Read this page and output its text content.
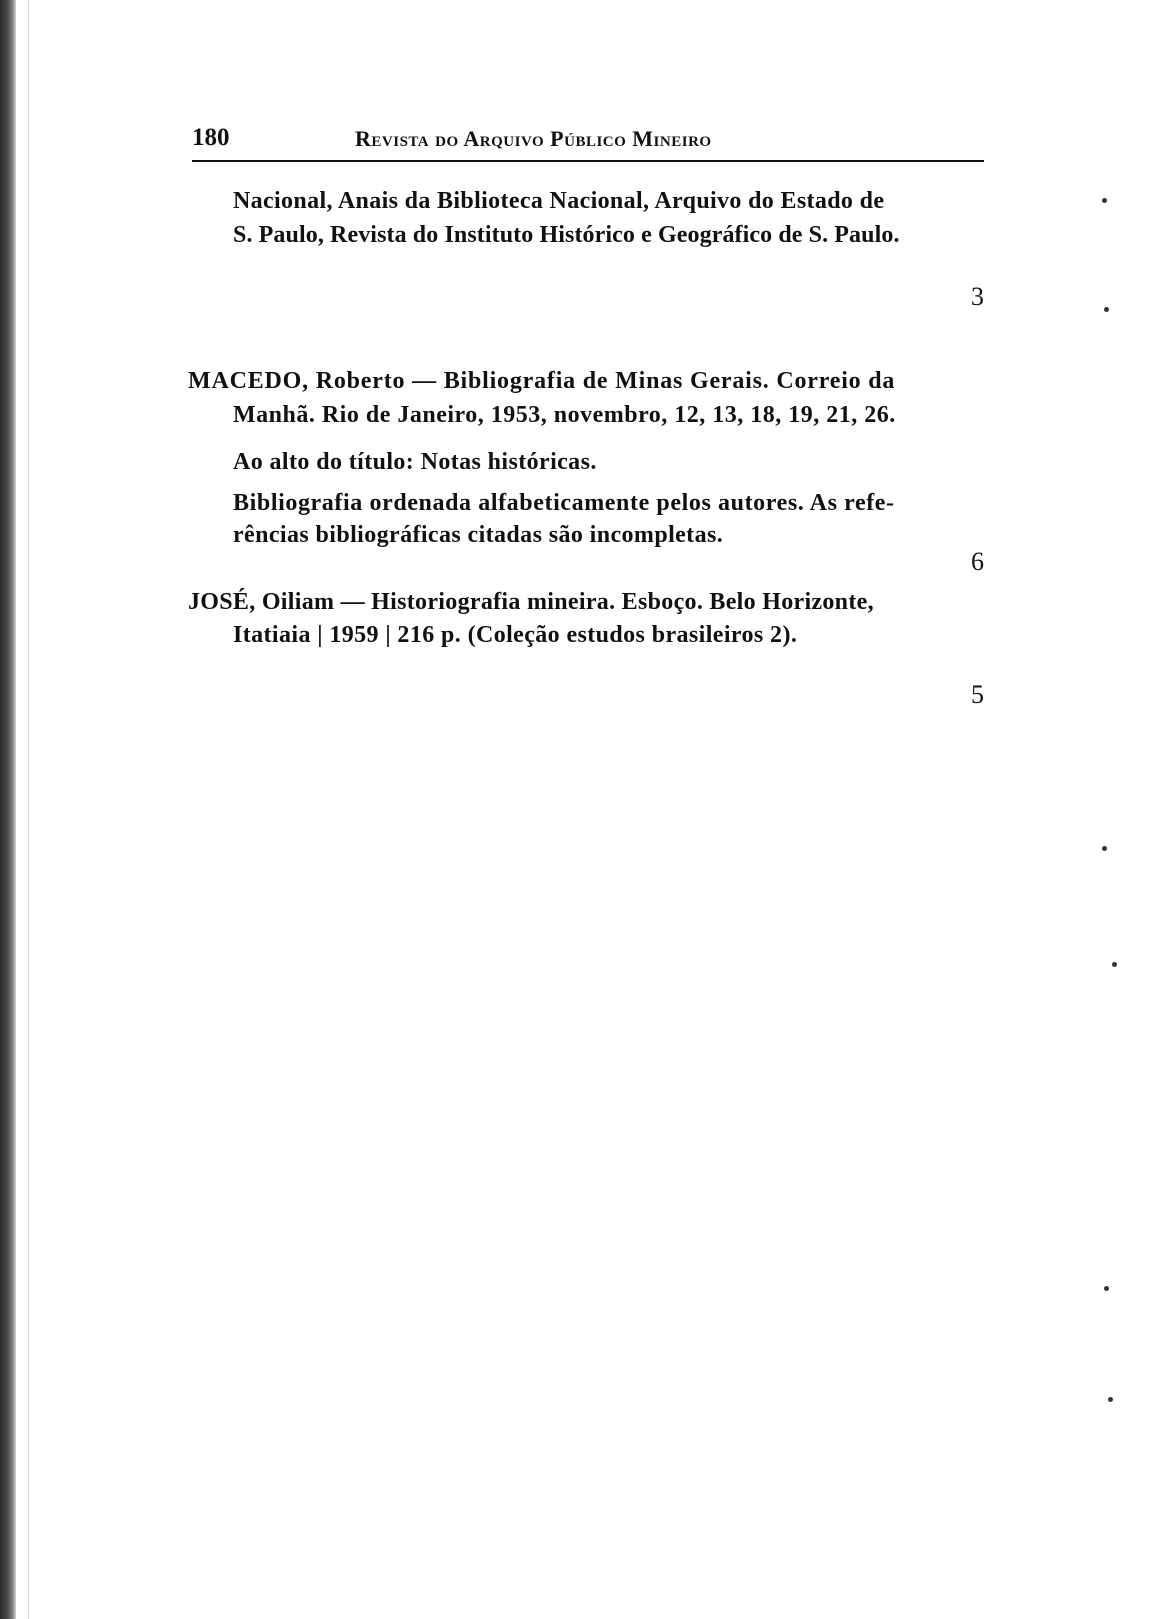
180	Revista do Arquivo Público Mineiro
Nacional, Anais da Biblioteca Nacional, Arquivo do Estado de
S. Paulo, Revista do Instituto Histórico e Geográfico de S. Paulo.
3
MACEDO, Roberto — Bibliografia de Minas Gerais. Correio da
Manhã. Rio de Janeiro, 1953, novembro, 12, 13, 18, 19, 21, 26.
Ao alto do título: Notas históricas.
Bibliografia ordenada alfabeticamente pelos autores. As refe-
rências bibliográficas citadas são incompletas.
6
JOSÉ, Oiliam — Historiografia mineira. Esboço. Belo Horizonte,
Itatiaia | 1959 | 216 p. (Coleção estudos brasileiros 2).
5
